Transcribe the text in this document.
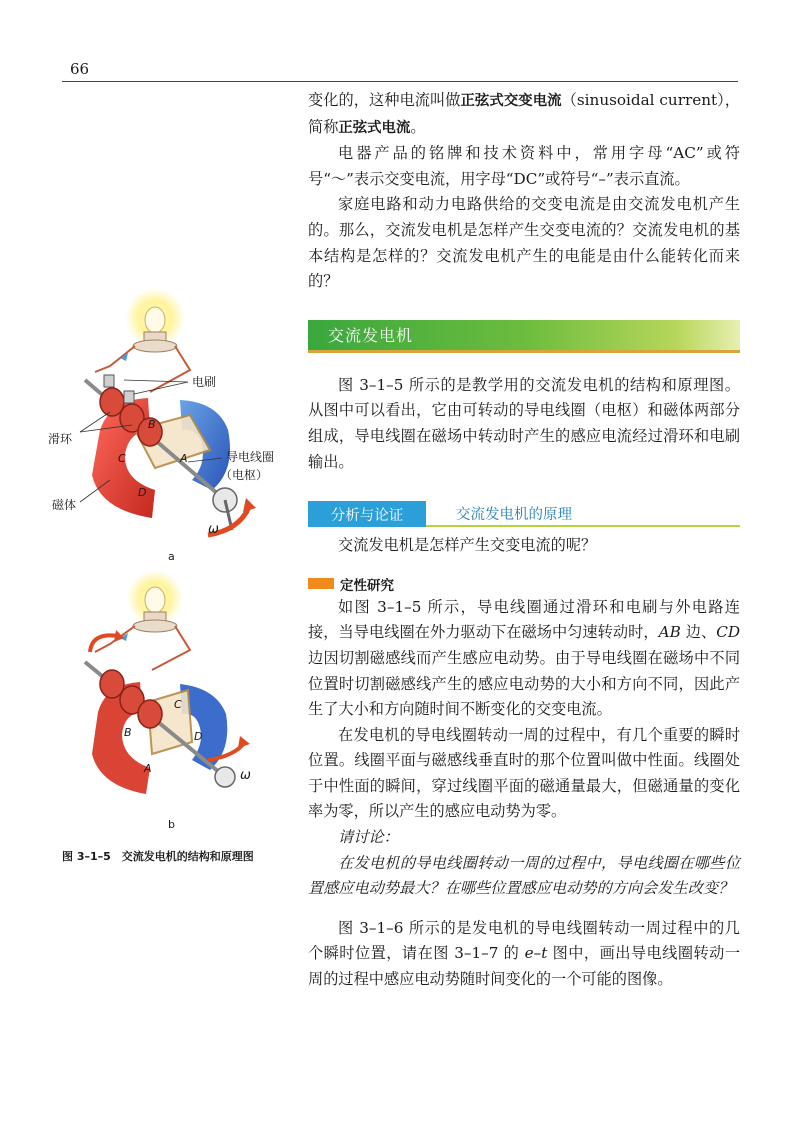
66
电刷
滑环
导电线圈
（电枢）
磁体
B
C
D
A
ω
a
C
B	D
A	ω
b
图 3–1–5　交流发电机的结构和原理图

变化的，这种电流叫做正弦式交变电流（sinusoidal current），简称正弦式电流。

电器产品的铭牌和技术资料中，常用字母“AC”或符号“～”表示交变电流，用字母“DC”或符号“–”表示直流。

家庭电路和动力电路供给的交变电流是由交流发电机产生的。那么，交流发电机是怎样产生交变电流的？交流发电机的基本结构是怎样的？交流发电机产生的电能是由什么能转化而来的？

交流发电机

图 3–1–5 所示的是教学用的交流发电机的结构和原理图。从图中可以看出，它由可转动的导电线圈（电枢）和磁体两部分组成，导电线圈在磁场中转动时产生的感应电流经过滑环和电刷输出。

分析与论证	交流发电机的原理

交流发电机是怎样产生交变电流的呢？

定性研究

如图 3–1–5 所示，导电线圈通过滑环和电刷与外电路连接，当导电线圈在外力驱动下在磁场中匀速转动时，AB 边、CD 边因切割磁感线而产生感应电动势。由于导电线圈在磁场中不同位置时切割磁感线产生的感应电动势的大小和方向不同，因此产生了大小和方向随时间不断变化的交变电流。

在发电机的导电线圈转动一周的过程中，有几个重要的瞬时位置。线圈平面与磁感线垂直时的那个位置叫做中性面。线圈处于中性面的瞬间，穿过线圈平面的磁通量最大，但磁通量的变化率为零，所以产生的感应电动势为零。

请讨论：

在发电机的导电线圈转动一周的过程中，导电线圈在哪些位置感应电动势最大？在哪些位置感应电动势的方向会发生改变？

图 3–1–6 所示的是发电机的导电线圈转动一周过程中的几个瞬时位置，请在图 3–1–7 的 e–t 图中，画出导电线圈转动一周的过程中感应电动势随时间变化的一个可能的图像。
